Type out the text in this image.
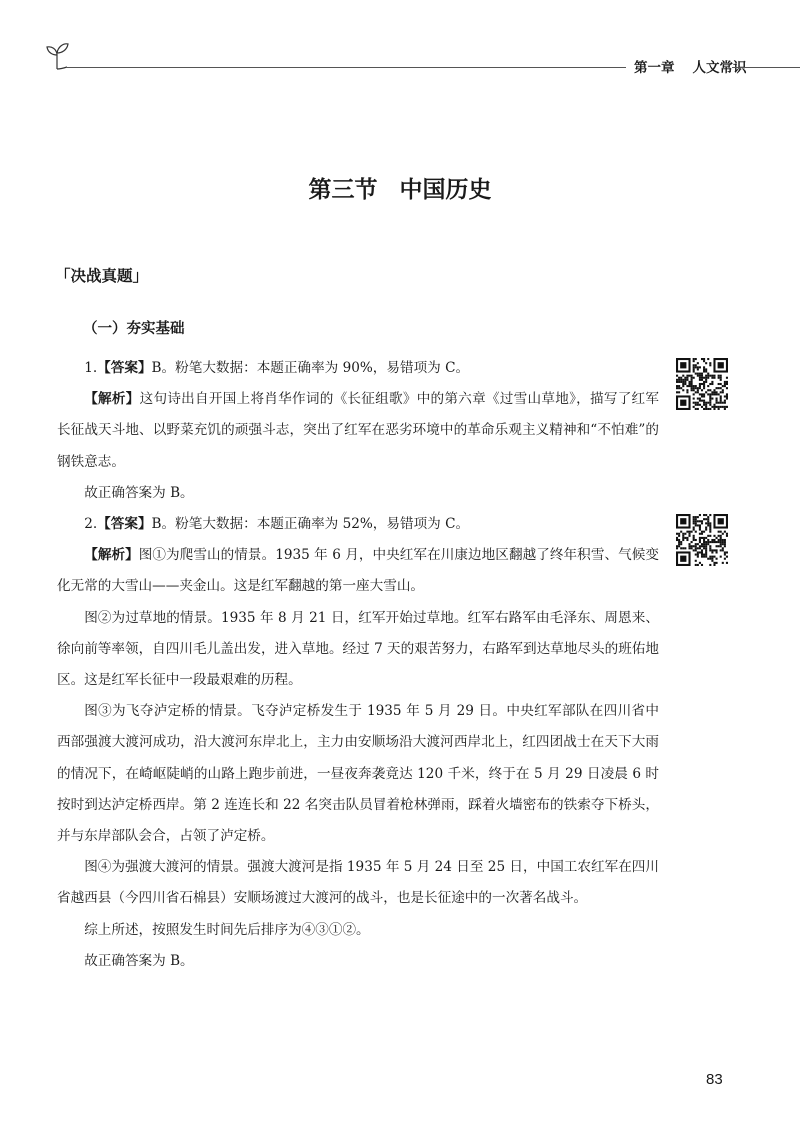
第一章 人文常识
第三节 中国历史
「决战真题」
（一）夯实基础

1.【答案】B。粉笔大数据：本题正确率为 90%，易错项为 C。

【解析】这句诗出自开国上将肖华作词的《长征组歌》中的第六章《过雪山草地》，描写了红军长征战天斗地、以野菜充饥的顽强斗志，突出了红军在恶劣环境中的革命乐观主义精神和“不怕难”的钢铁意志。

故正确答案为 B。

2.【答案】B。粉笔大数据：本题正确率为 52%，易错项为 C。

【解析】图①为爬雪山的情景。1935 年 6 月，中央红军在川康边地区翻越了终年积雪、气候变化无常的大雪山——夹金山。这是红军翻越的第一座大雪山。

图②为过草地的情景。1935 年 8 月 21 日，红军开始过草地。红军右路军由毛泽东、周恩来、徐向前等率领，自四川毛儿盖出发，进入草地。经过 7 天的艰苦努力，右路军到达草地尽头的班佑地区。这是红军长征中一段最艰难的历程。

图③为飞夺泸定桥的情景。飞夺泸定桥发生于 1935 年 5 月 29 日。中央红军部队在四川省中西部强渡大渡河成功，沿大渡河东岸北上，主力由安顺场沿大渡河西岸北上，红四团战士在天下大雨的情况下，在崎岖陡峭的山路上跑步前进，一昼夜奔袭竟达 120 千米，终于在 5 月 29 日凌晨 6 时按时到达泸定桥西岸。第 2 连连长和 22 名突击队员冒着枪林弹雨，踩着火墙密布的铁索夺下桥头，并与东岸部队会合，占领了泸定桥。

图④为强渡大渡河的情景。强渡大渡河是指 1935 年 5 月 24 日至 25 日，中国工农红军在四川省越西县（今四川省石棉县）安顺场渡过大渡河的战斗，也是长征途中的一次著名战斗。

综上所述，按照发生时间先后排序为④③①②。

故正确答案为 B。

83
